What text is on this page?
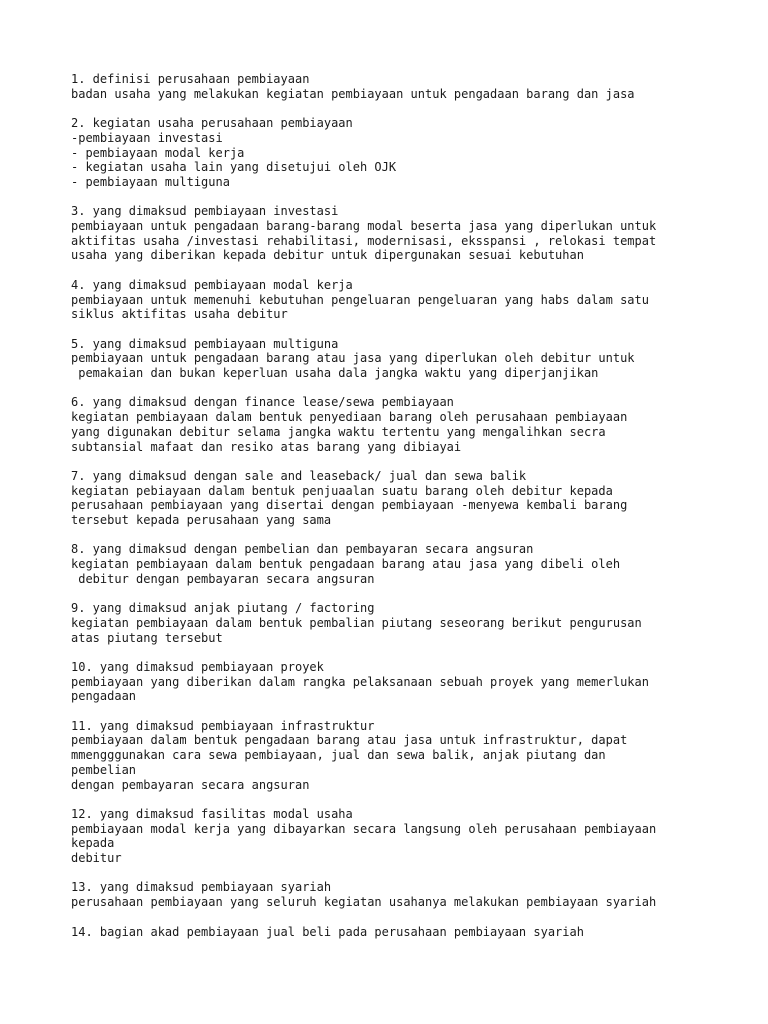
1. definisi perusahaan pembiayaan
badan usaha yang melakukan kegiatan pembiayaan untuk pengadaan barang dan jasa
2. kegiatan usaha perusahaan pembiayaan
-pembiayaan investasi
- pembiayaan modal kerja
- kegiatan usaha lain yang disetujui oleh OJK
- pembiayaan multiguna
3. yang dimaksud pembiayaan investasi
pembiayaan untuk pengadaan barang-barang modal beserta jasa yang diperlukan untuk
aktifitas usaha /investasi rehabilitasi, modernisasi, eksspansi , relokasi tempat
usaha yang diberikan kepada debitur untuk dipergunakan sesuai kebutuhan
4. yang dimaksud pembiayaan modal kerja
pembiayaan untuk memenuhi kebutuhan pengeluaran pengeluaran yang habs dalam satu
siklus aktifitas usaha debitur
5. yang dimaksud pembiayaan multiguna
pembiayaan untuk pengadaan barang atau jasa yang diperlukan oleh debitur untuk
pemakaian dan bukan keperluan usaha dala jangka waktu yang diperjanjikan
6. yang dimaksud dengan finance lease/sewa pembiayaan
kegiatan pembiayaan dalam bentuk penyediaan barang oleh perusahaan pembiayaan
yang digunakan debitur selama jangka waktu tertentu yang mengalihkan secra
subtansial mafaat dan resiko atas barang yang dibiayai
7. yang dimaksud dengan sale and leaseback/ jual dan sewa balik
kegiatan pebiayaan dalam bentuk penjuaalan suatu barang oleh debitur kepada
perusahaan pembiayaan yang disertai dengan pembiayaan -menyewa kembali barang
tersebut kepada perusahaan yang sama
8. yang dimaksud dengan pembelian dan pembayaran secara angsuran
kegiatan pembiayaan dalam bentuk pengadaan barang atau jasa yang dibeli oleh
debitur dengan pembayaran secara angsuran
9. yang dimaksud anjak piutang / factoring
kegiatan pembiayaan dalam bentuk pembalian piutang seseorang berikut pengurusan
atas piutang tersebut
10. yang dimaksud pembiayaan proyek
pembiayaan yang diberikan dalam rangka pelaksanaan sebuah proyek yang memerlukan
pengadaan
11. yang dimaksud pembiayaan infrastruktur
pembiayaan dalam bentuk pengadaan barang atau jasa untuk infrastruktur, dapat
mmengggunakan cara sewa pembiayaan, jual dan sewa balik, anjak piutang dan
pembelian
dengan pembayaran secara angsuran
12. yang dimaksud fasilitas modal usaha
pembiayaan modal kerja yang dibayarkan secara langsung oleh perusahaan pembiayaan
kepada
debitur
13. yang dimaksud pembiayaan syariah
perusahaan pembiayaan yang seluruh kegiatan usahanya melakukan pembiayaan syariah
14. bagian akad pembiayaan jual beli pada perusahaan pembiayaan syariah
